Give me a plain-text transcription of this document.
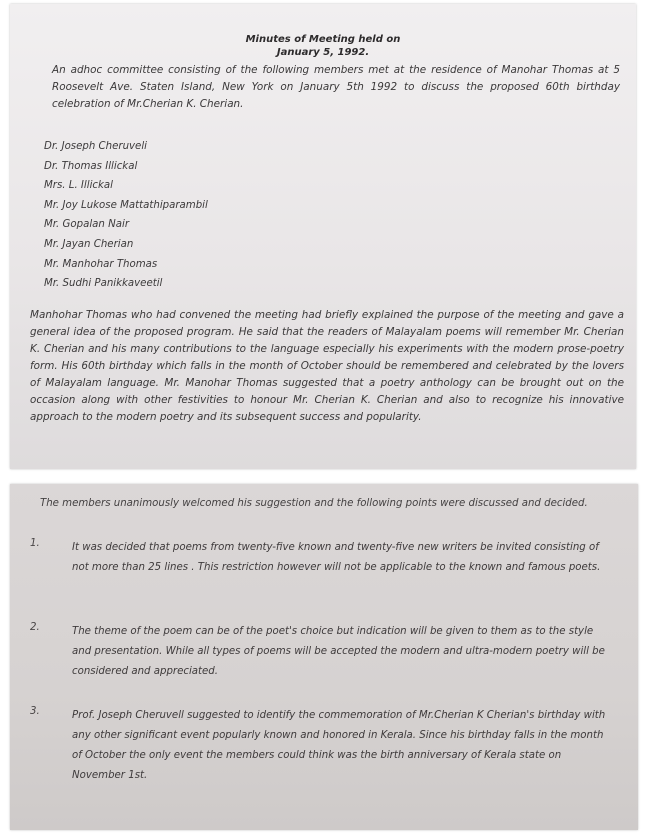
Minutes of Meeting held on
January 5, 1992.
An adhoc committee consisting of the following members met at the residence of Manohar Thomas at 5 Roosevelt Ave. Staten Island, New York on January 5th 1992 to discuss the proposed 60th birthday celebration of Mr.Cherian K. Cherian.
Dr. Joseph Cheruveli
Dr. Thomas Illickal
Mrs. L. Illickal
Mr. Joy Lukose Mattathiparambil
Mr. Gopalan Nair
Mr. Jayan Cherian
Mr. Manhohar Thomas
Mr. Sudhi Panikkaveetil
Manhohar Thomas who had convened the meeting had briefly explained the purpose of the meeting and gave a general idea of the proposed program. He said that the readers of Malayalam poems will remember Mr. Cherian K. Cherian and his many contributions to the language especially his experiments with the modern prose-poetry form. His 60th birthday which falls in the month of October should be remembered and celebrated by the lovers of Malayalam language. Mr. Manohar Thomas suggested that a poetry anthology can be brought out on the occasion along with other festivities to honour Mr. Cherian K. Cherian and also to recognize his innovative approach to the modern poetry and its subsequent success and popularity.
The members unanimously welcomed his suggestion and the following points were discussed and decided.
1.	It was decided that poems from twenty-five known and twenty-five new writers be invited consisting of not more than 25 lines . This restriction however will not be applicable to the known and famous poets.
2.	The theme of the poem can be of the poet's choice but indication will be given to them as to the style and presentation. While all types of poems will be accepted the modern and ultra-modern poetry will be considered and appreciated.
3.	Prof. Joseph Cheruvell suggested to identify the commemoration of Mr.Cherian K Cherian's birthday with any other significant event popularly known and honored in Kerala. Since his birthday falls in the month of October the only event the members could think was the birth anniversary of Kerala state on November 1st.
